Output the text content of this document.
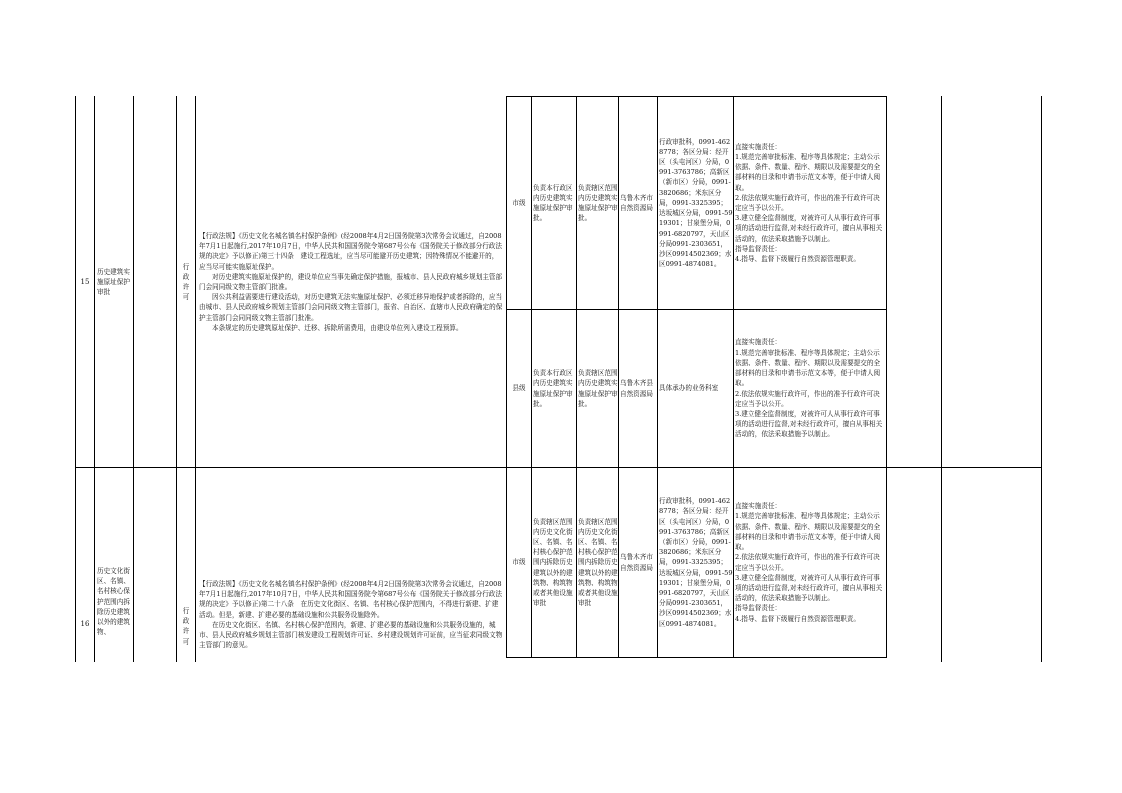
15
历史建筑实施原址保护审批
行政许可

【行政法规】《历史文化名城名镇名村保护条例》(经2008年4月2日国务院第3次常务会议通过，自2008年7月1日起施行,2017年10月7日，中华人民共和国国务院令第687号公布《国务院关于修改部分行政法规的决定》予以修正)第三十四条　建设工程选址，应当尽可能避开历史建筑；因特殊情况不能避开的，应当尽可能实施原址保护。

对历史建筑实施原址保护的，建设单位应当事先确定保护措施，报城市、县人民政府城乡规划主管部门会同同级文物主管部门批准。

因公共利益需要进行建设活动，对历史建筑无法实施原址保护、必须迁移异地保护或者拆除的，应当由城市、县人民政府城乡规划主管部门会同同级文物主管部门，报省、自治区、直辖市人民政府确定的保护主管部门会同同级文物主管部门批准。

本条规定的历史建筑原址保护、迁移、拆除所需费用，由建设单位列入建设工程预算。

市级
负责本行政区内历史建筑实施原址保护审批。
负责辖区范围内历史建筑实施原址保护审批。
乌鲁木齐市自然资源局
行政审批科，0991-4628778；各区分局：经开区（头屯河区）分局，0991-3763786；高新区（新市区）分局，0991-3820686；米东区分局，0991-3325395；达坂城区分局，0991-5919301；甘泉堡分局，0991-6820797，天山区分局0991-2303651，沙区09914502369；水区0991-4874081。
直接实施责任：
1.规范完善审批标准、程序等具体规定；主动公示依据、条件、数量、程序、期限以及需要提交的全部材料的目录和申请书示范文本等，便于申请人阅取。
2.依法依规实施行政许可，作出的准予行政许可决定应当予以公开。
3.建立健全监督制度，对被许可人从事行政许可事项的活动进行监督,对未经行政许可，擅自从事相关活动的，依法采取措施予以制止。
指导监督责任：
4.指导、监督下级履行自然资源管理职责。
县级
负责本行政区内历史建筑实施原址保护审批。
负责辖区范围内历史建筑实施原址保护审批。
乌鲁木齐县自然资源局
具体承办的业务科室
直接实施责任：
1.规范完善审批标准、程序等具体规定；主动公示依据、条件、数量、程序、期限以及需要提交的全部材料的目录和申请书示范文本等，便于申请人阅取。
2.依法依规实施行政许可，作出的准予行政许可决定应当予以公开。
3.建立健全监督制度，对被许可人从事行政许可事项的活动进行监督,对未经行政许可，擅自从事相关活动的，依法采取措施予以制止。
16
历史文化街区、名镇、名村核心保护范围内拆除历史建筑以外的建筑物、
行政许可

【行政法规】《历史文化名城名镇名村保护条例》(经2008年4月2日国务院第3次常务会议通过，自2008年7月1日起施行,2017年10月7日，中华人民共和国国务院令第687号公布《国务院关于修改部分行政法规的决定》予以修正)第二十八条　在历史文化街区、名镇、名村核心保护范围内，不得进行新建、扩建活动。但是，新建、扩建必要的基础设施和公共服务设施除外。

在历史文化街区、名镇、名村核心保护范围内，新建、扩建必要的基础设施和公共服务设施的，城市、县人民政府城乡规划主管部门核发建设工程规划许可证、乡村建设规划许可证前，应当征求同级文物主管部门的意见。

市级
负责辖区范围内历史文化街区、名镇、名村核心保护范围内拆除历史建筑以外的建筑物、构筑物或者其他设施审批
负责辖区范围内历史文化街区、名镇、名村核心保护范围内拆除历史建筑以外的建筑物、构筑物或者其他设施审批
乌鲁木齐市自然资源局
行政审批科，0991-4628778；各区分局：经开区（头屯河区）分局，0991-3763786；高新区（新市区）分局，0991-3820686；米东区分局，0991-3325395；达坂城区分局，0991-5919301；甘泉堡分局，0991-6820797，天山区分局0991-2303651，沙区09914502369；水区0991-4874081。
直接实施责任：
1.规范完善审批标准、程序等具体规定；主动公示依据、条件、数量、程序、期限以及需要提交的全部材料的目录和申请书示范文本等，便于申请人阅取。
2.依法依规实施行政许可，作出的准予行政许可决定应当予以公开。
3.建立健全监督制度，对被许可人从事行政许可事项的活动进行监督,对未经行政许可，擅自从事相关活动的，依法采取措施予以制止。
指导监督责任：
4.指导、监督下级履行自然资源管理职责。
